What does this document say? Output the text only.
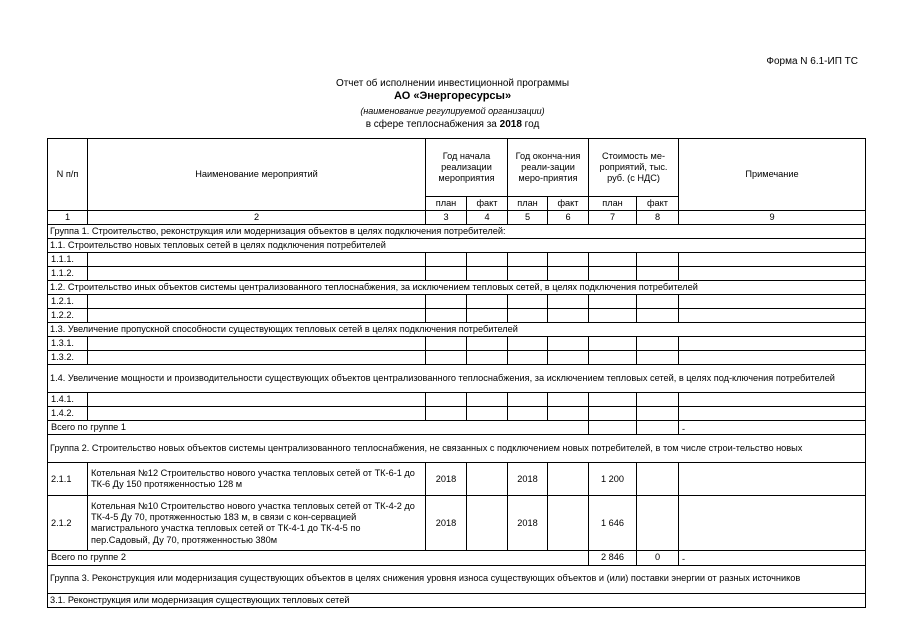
Форма N 6.1-ИП ТС
Отчет об исполнении инвестиционной программы
АО «Энергоресурсы»
(наименование регулируемой организации)
в сфере теплоснабжения за 2018 год
N п/п	Наименование мероприятий	Год начала реализации мероприятия		Год оконча-ния реали-зации меро-приятия		Стоимость ме-роприятий, тыс. руб. (с НДС)		Примечание
		план	факт	план	факт	план	факт	
1	2	3	4	5	6	7	8	9
Группа 1. Строительство, реконструкция или модернизация объектов в целях подключения потребителей:								
1.1. Строительство новых тепловых сетей в целях подключения потребителей								
1.1.1.								
1.1.2.								
1.2. Строительство иных объектов системы централизованного теплоснабжения, за исключением тепловых сетей, в целях подключения потребителей								
1.2.1.								
1.2.2.								
1.3. Увеличение пропускной способности существующих тепловых сетей в целях подключения потребителей								
1.3.1.								
1.3.2.								
1.4. Увеличение мощности и производительности существующих объектов централизованного теплоснабжения, за исключением тепловых сетей, в целях под-ключения потребителей								
1.4.1.								
1.4.2.								
Всего по группе 1								-
Группа 2. Строительство новых объектов системы централизованного теплоснабжения, не связанных с подключением новых потребителей, в том числе строи-тельство новых								
2.1.1	Котельная №12 Строительство нового участка тепловых сетей от ТК-6-1 до ТК-6 Ду 150 протяженностью 128 м	2018		2018		1 200		
2.1.2	Котельная №10 Строительство нового участка тепловых сетей от ТК-4-2 до ТК-4-5 Ду 70, протяженностью 183 м, в связи с кон-сервацией магистрального участка тепловых сетей от ТК-4-1 до ТК-4-5 по пер.Садовый, Ду 70, протяженностью 380м	2018		2018		1 646		
Всего по группе 2						2 846	0	-
Группа 3. Реконструкция или модернизация существующих объектов в целях снижения уровня износа существующих объектов и (или) поставки энергии от разных источников								
3.1. Реконструкция или модернизация существующих тепловых сетей								
